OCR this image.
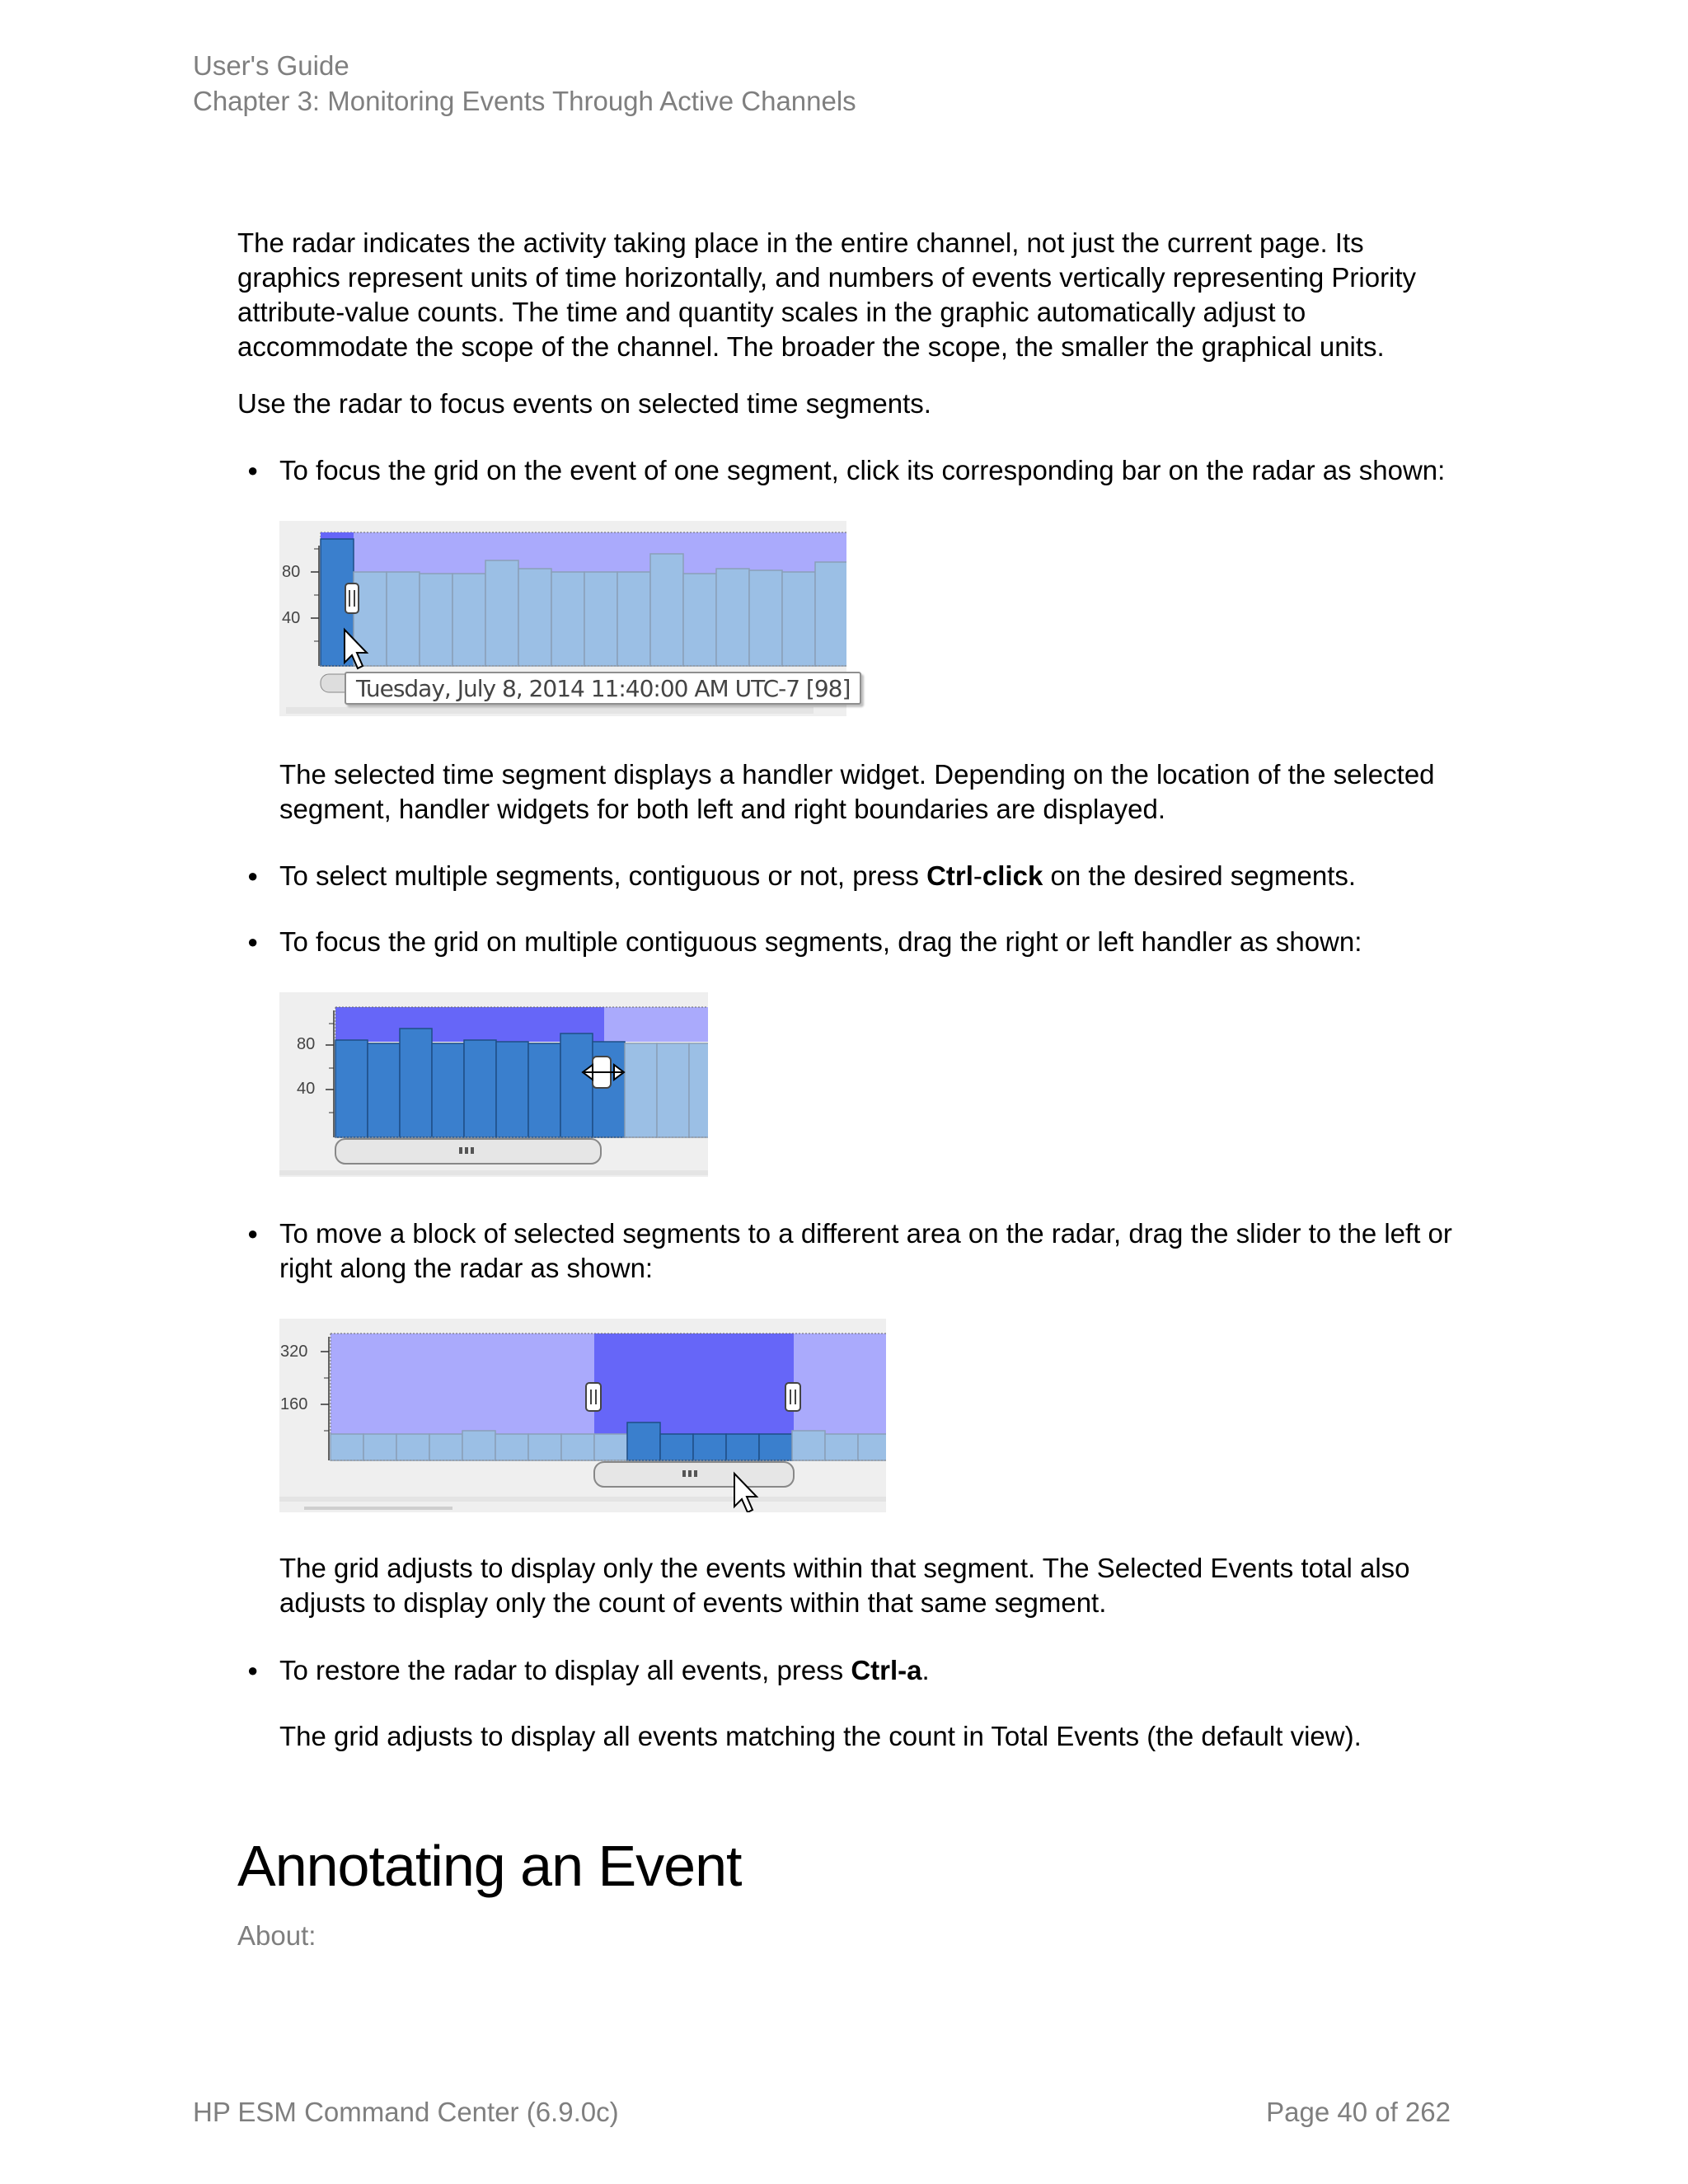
User's Guide
Chapter 3: Monitoring Events Through Active Channels
The radar indicates the activity taking place in the entire channel, not just the current page. Its graphics represent units of time horizontally, and numbers of events vertically representing Priority attribute-value counts. The time and quantity scales in the graphic automatically adjust to accommodate the scope of the channel. The broader the scope, the smaller the graphical units.
Use the radar to focus events on selected time segments.
● To focus the grid on the event of one segment, click its corresponding bar on the radar as shown:
Tuesday, July 8, 2014 11:40:00 AM UTC-7 [98]
80
40
The selected time segment displays a handler widget. Depending on the location of the selected segment, handler widgets for both left and right boundaries are displayed.
● To select multiple segments, contiguous or not, press Ctrl-click on the desired segments.
● To focus the grid on multiple contiguous segments, drag the right or left handler as shown:
80
40
● To move a block of selected segments to a different area on the radar, drag the slider to the left or right along the radar as shown:
320
160
The grid adjusts to display only the events within that segment. The Selected Events total also adjusts to display only the count of events within that same segment.
● To restore the radar to display all events, press Ctrl-a.
The grid adjusts to display all events matching the count in Total Events (the default view).
Annotating an Event
About:
HP ESM Command Center (6.9.0c)	Page 40 of 262
